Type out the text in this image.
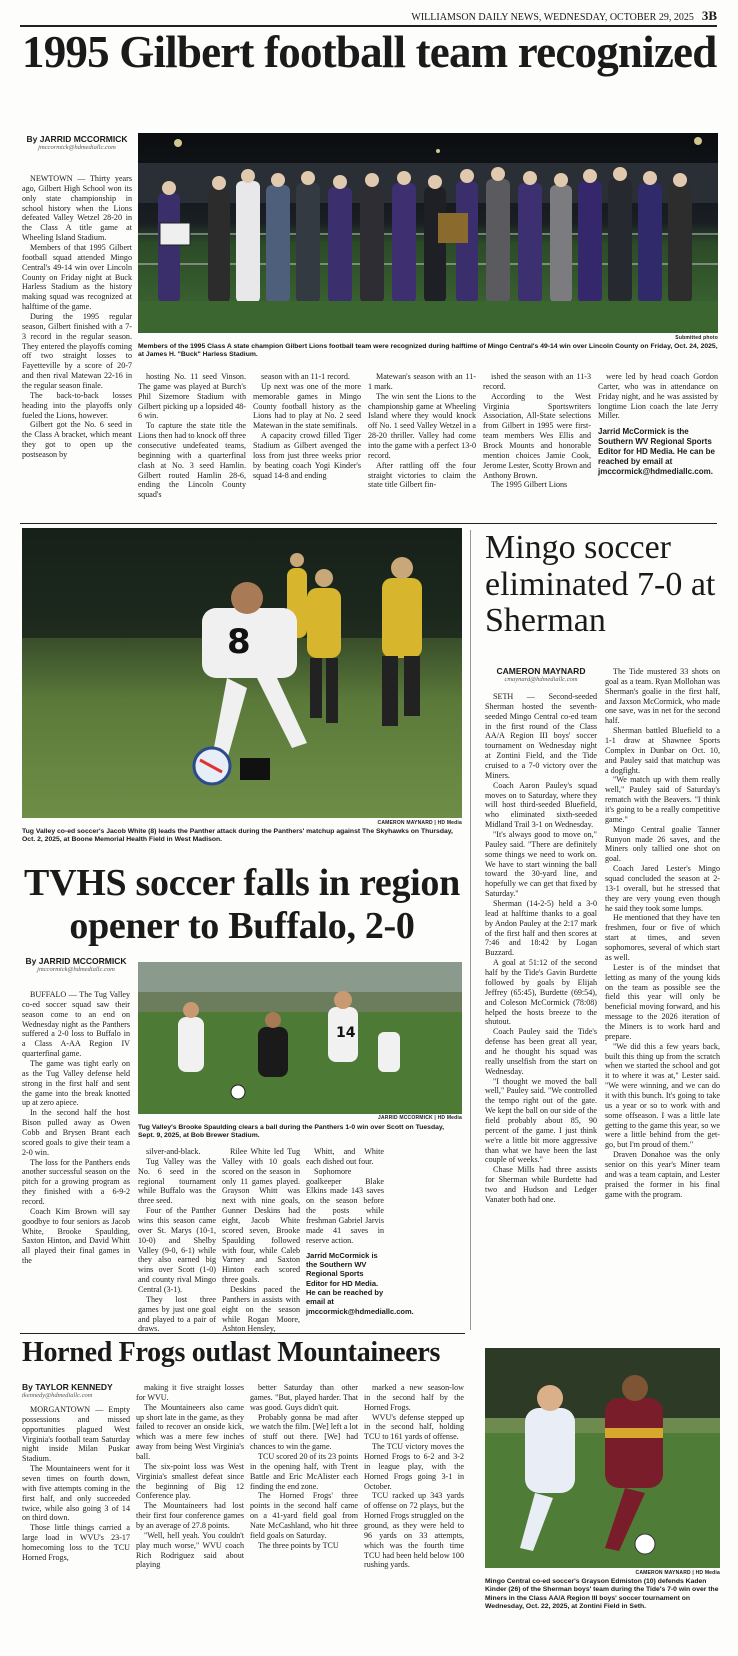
WILLIAMSON DAILY NEWS, WEDNESDAY, OCTOBER 29, 2025 3B
1995 Gilbert football team recognized
By JARRID MCCORMICK
jmccormick@hdmediallc.com

NEWTOWN — Thirty years ago, Gilbert High School won its only state championship in school history when the Lions defeated Valley Wetzel 28-20 in the Class A title game at Wheeling Island Stadium.

Members of that 1995 Gilbert football squad attended Mingo Central's 49-14 win over Lincoln County on Friday night at Buck Harless Stadium as the history making squad was recognized at halftime of the game.

During the 1995 regular season, Gilbert finished with a 7-3 record in the regular season. They entered the playoffs coming off two straight losses to Fayetteville by a score of 20-7 and then rival Matewan 22-16 in the regular season finale.

The back-to-back losses heading into the playoffs only fueled the Lions, however.

Gilbert got the No. 6 seed in the Class A bracket, which meant they got to open up the postseason by

Submitted photo
Members of the 1995 Class A state champion Gilbert Lions football team were recognized during halftime of Mingo Central's 49-14 win over Lincoln County on Friday, Oct. 24, 2025, at James H. "Buck" Harless Stadium.

hosting No. 11 seed Vinson. The game was played at Burch's Phil Sizemore Stadium with Gilbert picking up a lopsided 48-6 win.

To capture the state title the Lions then had to knock off three consecutive undefeated teams, beginning with a quarterfinal clash at No. 3 seed Hamlin. Gilbert routed Hamlin 28-6, ending the Lincoln County squad's

season with an 11-1 record.

Up next was one of the more memorable games in Mingo County football history as the Lions had to play at No. 2 seed Matewan in the state semifinals.

A capacity crowd filled Tiger Stadium as Gilbert avenged the loss from just three weeks prior by beating coach Yogi Kinder's squad 14-8 and ending

Matewan's season with an 11-1 mark.

The win sent the Lions to the championship game at Wheeling Island where they would knock off No. 1 seed Valley Wetzel in a 28-20 thriller. Valley had come into the game with a perfect 13-0 record.

After rattling off the four straight victories to claim the state title Gilbert fin-

ished the season with an 11-3 record.

According to the West Virginia Sportswriters Association, All-State selections from Gilbert in 1995 were first-team members Wes Ellis and Brock Mounts and honorable mention choices Jamie Cook, Jerome Lester, Scotty Brown and Anthony Brown.

The 1995 Gilbert Lions

were led by head coach Gordon Carter, who was in attendance on Friday night, and he was assisted by longtime Lion coach the late Jerry Miller.

Jarrid McCormick is the Southern WV Regional Sports Editor for HD Media. He can be reached by email at jmccormick@hdmediallc.com.
8
CAMERON MAYNARD | HD Media
Tug Valley co-ed soccer's Jacob White (8) leads the Panther attack during the Panthers' matchup against The Skyhawks on Thursday, Oct. 2, 2025, at Boone Memorial Health Field in West Madison.
TVHS soccer falls in region opener to Buffalo, 2-0
By JARRID MCCORMICK
jmccormick@hdmediallc.com

BUFFALO — The Tug Valley co-ed soccer squad saw their season come to an end on Wednesday night as the Panthers suffered a 2-0 loss to Buffalo in a Class A-AA Region IV quarterfinal game.

The game was tight early on as the Tug Valley defense held strong in the first half and sent the game into the break knotted up at zero apiece.

In the second half the host Bison pulled away as Owen Cobb and Brysen Brant each scored goals to give their team a 2-0 win.

The loss for the Panthers ends another successful season on the pitch for a growing program as they finished with a 6-9-2 record.

Coach Kim Brown will say goodbye to four seniors as Jacob White, Brooke Spaulding, Saxton Hinton, and David Whitt all played their final games in the

14
JARRID MCCORMICK | HD Media
Tug Valley's Brooke Spaulding clears a ball during the Panthers 1-0 win over Scott on Tuesday, Sept. 9, 2025, at Bob Brewer Stadium.

silver-and-black.

Tug Valley was the No. 6 seed in the regional tournament while Buffalo was the three seed.

Four of the Panther wins this season came over St. Marys (10-1, 10-0) and Shelby Valley (9-0, 6-1) while they also earned big wins over Scott (1-0) and county rival Mingo Central (3-1).

They lost three games by just one goal and played to a pair of draws.

Rilee White led Tug Valley with 10 goals scored on the season in only 11 games played. Grayson Whitt was next with nine goals, Gunner Deskins had eight, Jacob White scored seven, Brooke Spaulding followed with four, while Caleb Varney and Saxton Hinton each scored three goals.

Deskins paced the Panthers in assists with eight on the season while Rogan Moore, Ashton Hensley,

Whitt, and White each dished out four.

Sophomore goalkeeper Blake Elkins made 143 saves on the season before the posts while freshman Gabriel Jarvis made 41 saves in reserve action.

Jarrid McCormick is the Southern WV Regional Sports Editor for HD Media. He can be reached by email at jmccormick@hdmediallc.com.
Mingo soccer eliminated 7-0 at Sherman
CAMERON MAYNARD
cmaynard@hdmediallc.com

SETH — Second-seeded Sherman hosted the seventh-seeded Mingo Central co-ed team in the first round of the Class AA/A Region III boys' soccer tournament on Wednesday night at Zontini Field, and the Tide cruised to a 7-0 victory over the Miners.

Coach Aaron Pauley's squad moves on to Saturday, where they will host third-seeded Bluefield, who eliminated sixth-seeded Midland Trail 3-1 on Wednesday.

"It's always good to move on," Pauley said. "There are definitely some things we need to work on. We have to start winning the ball toward the 30-yard line, and hopefully we can get that fixed by Saturday."

Sherman (14-2-5) held a 3-0 lead at halftime thanks to a goal by Andon Pauley at the 2:17 mark of the first half and then scores at 7:46 and 18:42 by Logan Buzzard.

A goal at 51:12 of the second half by the Tide's Gavin Burdette followed by goals by Elijah Jeffrey (65:45), Burdette (69:54), and Coleson McCormick (78:08) helped the hosts breeze to the shutout.

Coach Pauley said the Tide's defense has been great all year, and he thought his squad was really unselfish from the start on Wednesday.

"I thought we moved the ball well," Pauley said. "We controlled the tempo right out of the gate. We kept the ball on our side of the field probably about 85, 90 percent of the game. I just think we're a little bit more aggressive than what we have been the last couple of weeks."

Chase Mills had three assists for Sherman while Burdette had two and Hudson and Ledger Vanater both had one.

The Tide mustered 33 shots on goal as a team. Ryan Mollohan was Sherman's goalie in the first half, and Jaxson McCormick, who made one save, was in net for the second half.

Sherman battled Bluefield to a 1-1 draw at Shawnee Sports Complex in Dunbar on Oct. 10, and Pauley said that matchup was a dogfight.

"We match up with them really well," Pauley said of Saturday's rematch with the Beavers. "I think it's going to be a really competitive game."

Mingo Central goalie Tanner Runyon made 26 saves, and the Miners only tallied one shot on goal.

Coach Jared Lester's Mingo squad concluded the season at 2-13-1 overall, but he stressed that they are very young even though he said they took some lumps.

He mentioned that they have ten freshmen, four or five of which start at times, and seven sophomores, several of which start as well.

Lester is of the mindset that letting as many of the young kids on the team as possible see the field this year will only be beneficial moving forward, and his message to the 2026 iteration of the Miners is to work hard and prepare.

"We did this a few years back, built this thing up from the scratch when we started the school and got it to where it was at," Lester said. "We were winning, and we can do it with this bunch. It's going to take us a year or so to work with and some offseason. I was a little late getting to the game this year, so we were a little behind from the get-go, but I'm proud of them."

Draven Donahoe was the only senior on this year's Miner team and was a team captain, and Lester praised the former in his final game with the program.

Horned Frogs outlast Mountaineers
By TAYLOR KENNEDY
tkennedy@hdmediallc.com

MORGANTOWN — Empty possessions and missed opportunities plagued West Virginia's football team Saturday night inside Milan Puskar Stadium.

The Mountaineers went for it seven times on fourth down, with five attempts coming in the first half, and only succeeded twice, while also going 3 of 14 on third down.

Those little things carried a large load in WVU's 23-17 homecoming loss to the TCU Horned Frogs,

making it five straight losses for WVU.

The Mountaineers also came up short late in the game, as they failed to recover an onside kick, which was a mere few inches away from being West Virginia's ball.

The six-point loss was West Virginia's smallest defeat since the beginning of Big 12 Conference play.

The Mountaineers had lost their first four conference games by an average of 27.8 points.

"Well, hell yeah. You couldn't play much worse," WVU coach Rich Rodriguez said about playing

better Saturday than other games. "But, played harder. That was good. Guys didn't quit.

Probably gonna be mad after we watch the film. [We] left a lot of stuff out there. [We] had chances to win the game.

TCU scored 20 of its 23 points in the opening half, with Trent Battle and Eric McAlister each finding the end zone.

The Horned Frogs' three points in the second half came on a 41-yard field goal from Nate McCashland, who hit three field goals on Saturday.

The three points by TCU

marked a new season-low in the second half by the Horned Frogs.

WVU's defense stepped up in the second half, holding TCU to 161 yards of offense.

The TCU victory moves the Horned Frogs to 6-2 and 3-2 in league play, with the Horned Frogs going 3-1 in October.

TCU racked up 343 yards of offense on 72 plays, but the Horned Frogs struggled on the ground, as they were held to 96 yards on 33 attempts, which was the fourth time TCU had been held below 100 rushing yards.

CAMERON MAYNARD | HD Media
Mingo Central co-ed soccer's Grayson Edmiston (10) defends Kaden Kinder (26) of the Sherman boys' team during the Tide's 7-0 win over the Miners in the Class AA/A Region III boys' soccer tournament on Wednesday, Oct. 22, 2025, at Zontini Field in Seth.
